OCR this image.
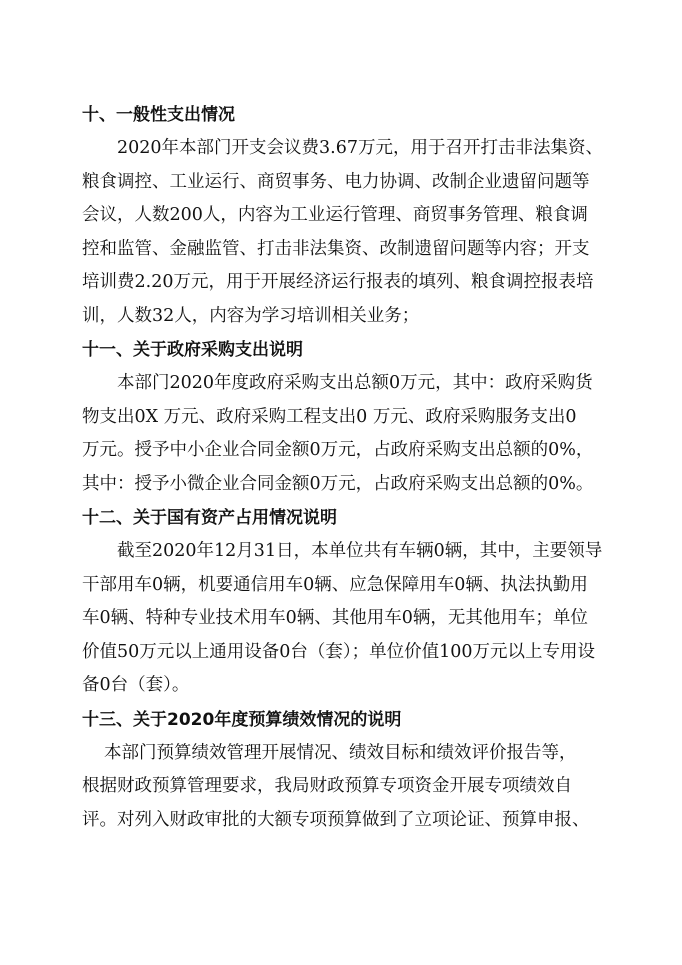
十、一般性支出情况

2020年本部门开支会议费3.67万元，用于召开打击非法集资、
粮食调控、工业运行、商贸事务、电力协调、改制企业遗留问题等
会议，人数200人，内容为工业运行管理、商贸事务管理、粮食调
控和监管、金融监管、打击非法集资、改制遗留问题等内容；开支
培训费2.20万元，用于开展经济运行报表的填列、粮食调控报表培
训，人数32人，内容为学习培训相关业务；

十一、关于政府采购支出说明

本部门2020年度政府采购支出总额0万元，其中：政府采购货
物支出0X 万元、政府采购工程支出0 万元、政府采购服务支出0
万元。授予中小企业合同金额0万元，占政府采购支出总额的0%，
其中：授予小微企业合同金额0万元，占政府采购支出总额的0%。

十二、关于国有资产占用情况说明

截至2020年12月31日，本单位共有车辆0辆，其中，主要领导
干部用车0辆，机要通信用车0辆、应急保障用车0辆、执法执勤用
车0辆、特种专业技术用车0辆、其他用车0辆，无其他用车；单位
价值50万元以上通用设备0台（套）；单位价值100万元以上专用设
备0台（套）。

十三、关于2020年度预算绩效情况的说明

本部门预算绩效管理开展情况、绩效目标和绩效评价报告等，
根据财政预算管理要求，我局财政预算专项资金开展专项绩效自
评。对列入财政审批的大额专项预算做到了立项论证、预算申报、
